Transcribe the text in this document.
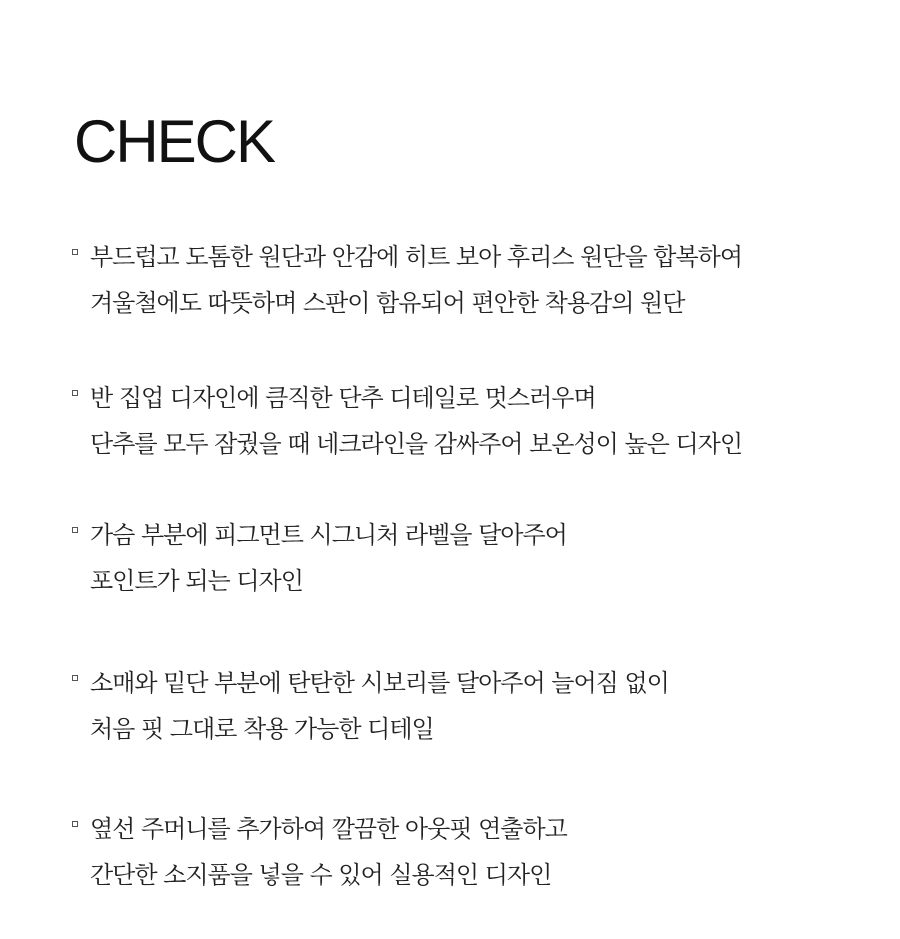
CHECK
부드럽고 도톰한 원단과 안감에 히트 보아 후리스 원단을 합복하여
겨울철에도 따뜻하며 스판이 함유되어 편안한 착용감의 원단
반 집업 디자인에 큼직한 단추 디테일로 멋스러우며
단추를 모두 잠궜을 때 네크라인을 감싸주어 보온성이 높은 디자인
가슴 부분에 피그먼트 시그니처 라벨을 달아주어
포인트가 되는 디자인
소매와 밑단 부분에 탄탄한 시보리를 달아주어 늘어짐 없이
처음 핏 그대로 착용 가능한 디테일
옆선 주머니를 추가하여 깔끔한 아웃핏 연출하고
간단한 소지품을 넣을 수 있어 실용적인 디자인
